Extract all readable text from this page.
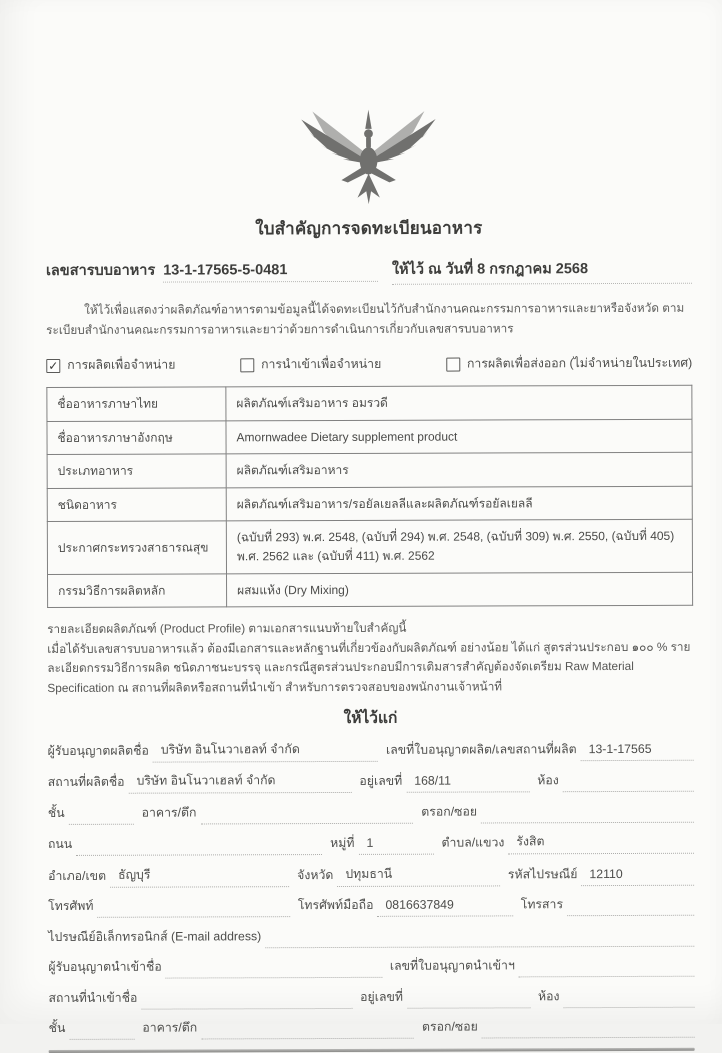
ใบสำคัญการจดทะเบียนอาหาร
เลขสารบบอาหาร 13-1-17565-5-0481	ให้ไว้ ณ วันที่ 8 กรกฎาคม 2568
ให้ไว้เพื่อแสดงว่าผลิตภัณฑ์อาหารตามข้อมูลนี้ได้จดทะเบียนไว้กับสำนักงานคณะกรรมการอาหารและยาหรือจังหวัด ตามระเบียบสำนักงานคณะกรรมการอาหารและยาว่าด้วยการดำเนินการเกี่ยวกับเลขสารบบอาหาร
✓ การผลิตเพื่อจำหน่าย	การนำเข้าเพื่อจำหน่าย	การผลิตเพื่อส่งออก (ไม่จำหน่ายในประเทศ)
ชื่ออาหารภาษาไทย	ผลิตภัณฑ์เสริมอาหาร อมรวดี
ชื่ออาหารภาษาอังกฤษ	Amornwadee Dietary supplement product
ประเภทอาหาร	ผลิตภัณฑ์เสริมอาหาร
ชนิดอาหาร	ผลิตภัณฑ์เสริมอาหาร/รอยัลเยลลีและผลิตภัณฑ์รอยัลเยลลี
ประกาศกระทรวงสาธารณสุข	(ฉบับที่ 293) พ.ศ. 2548, (ฉบับที่ 294) พ.ศ. 2548, (ฉบับที่ 309) พ.ศ. 2550, (ฉบับที่ 405) พ.ศ. 2562 และ (ฉบับที่ 411) พ.ศ. 2562
กรรมวิธีการผลิตหลัก	ผสมแห้ง (Dry Mixing)
รายละเอียดผลิตภัณฑ์ (Product Profile) ตามเอกสารแนบท้ายใบสำคัญนี้
เมื่อได้รับเลขสารบบอาหารแล้ว ต้องมีเอกสารและหลักฐานที่เกี่ยวข้องกับผลิตภัณฑ์ อย่างน้อย ได้แก่ สูตรส่วนประกอบ ๑๐๐ % รายละเอียดกรรมวิธีการผลิต ชนิดภาชนะบรรจุ และกรณีสูตรส่วนประกอบมีการเติมสารสำคัญต้องจัดเตรียม Raw Material Specification ณ สถานที่ผลิตหรือสถานที่นำเข้า สำหรับการตรวจสอบของพนักงานเจ้าหน้าที่
ให้ไว้แก่
ผู้รับอนุญาตผลิตชื่อ บริษัท อินโนวาเฮลท์ จำกัด	เลขที่ใบอนุญาตผลิต/เลขสถานที่ผลิต 13-1-17565
สถานที่ผลิตชื่อ บริษัท อินโนวาเฮลท์ จำกัด	อยู่เลขที่ 168/11	ห้อง
ชั้น	อาคาร/ตึก	ตรอก/ซอย
ถนน	หมู่ที่ 1	ตำบล/แขวง รังสิต
อำเภอ/เขต ธัญบุรี	จังหวัด ปทุมธานี	รหัสไปรษณีย์ 12110
โทรศัพท์	โทรศัพท์มือถือ 0816637849	โทรสาร
ไปรษณีย์อิเล็กทรอนิกส์ (E-mail address)
ผู้รับอนุญาตนำเข้าชื่อ	เลขที่ใบอนุญาตนำเข้าฯ
สถานที่นำเข้าชื่อ	อยู่เลขที่	ห้อง
ชั้น	อาคาร/ตึก	ตรอก/ซอย
